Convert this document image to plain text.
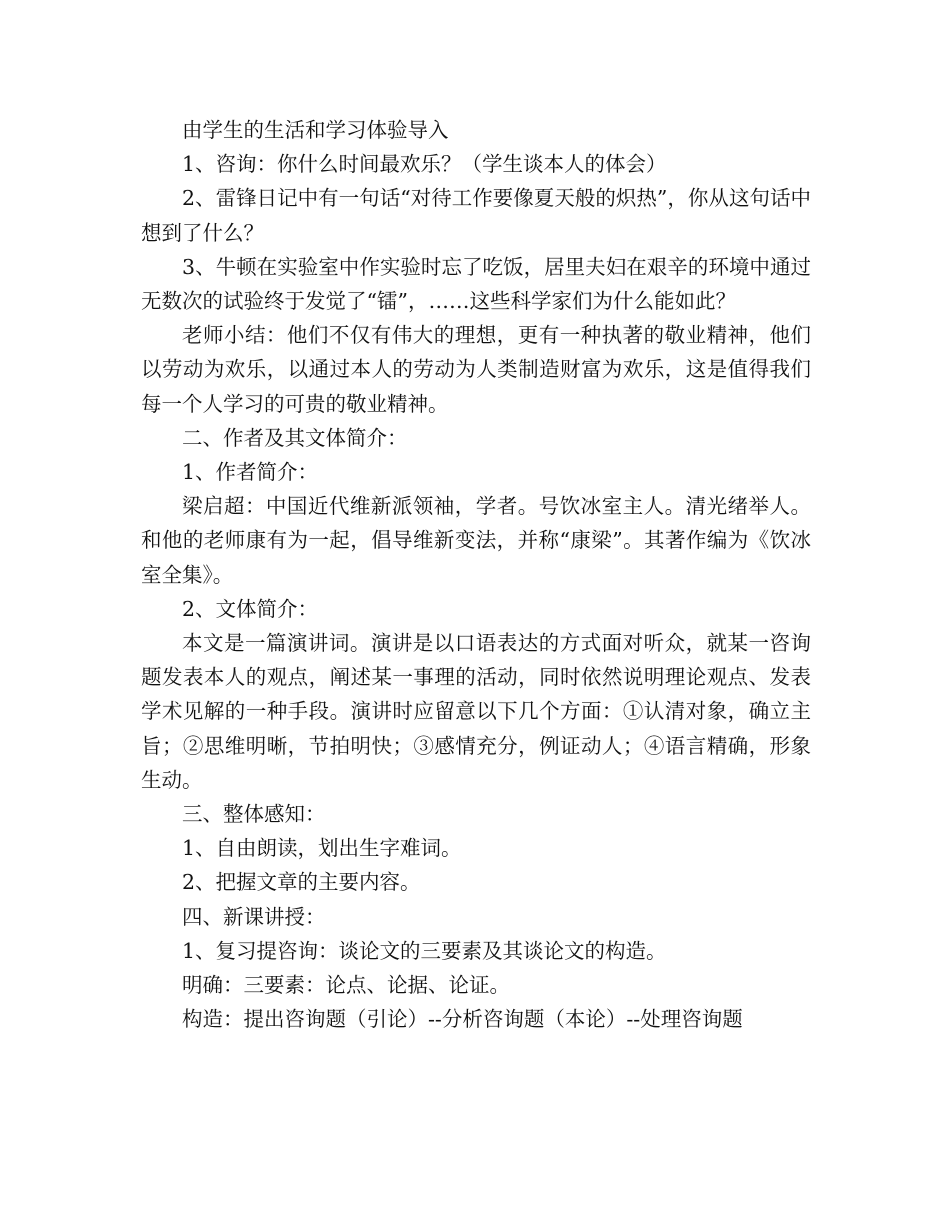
由学生的生活和学习体验导入

1、咨询：你什么时间最欢乐？（学生谈本人的体会）

2、雷锋日记中有一句话“对待工作要像夏天般的炽热”，你从这句话中想到了什么？

3、牛顿在实验室中作实验时忘了吃饭，居里夫妇在艰辛的环境中通过无数次的试验终于发觉了“镭”，……这些科学家们为什么能如此？

老师小结：他们不仅有伟大的理想，更有一种执著的敬业精神，他们以劳动为欢乐，以通过本人的劳动为人类制造财富为欢乐，这是值得我们每一个人学习的可贵的敬业精神。

二、作者及其文体简介：

1、作者简介：

梁启超：中国近代维新派领袖，学者。号饮冰室主人。清光绪举人。和他的老师康有为一起，倡导维新变法，并称“康梁”。其著作编为《饮冰室全集》。

2、文体简介：

本文是一篇演讲词。演讲是以口语表达的方式面对听众，就某一咨询题发表本人的观点，阐述某一事理的活动，同时依然说明理论观点、发表学术见解的一种手段。演讲时应留意以下几个方面：①认清对象，确立主旨；②思维明晰，节拍明快；③感情充分，例证动人；④语言精确，形象生动。

三、整体感知：

1、自由朗读，划出生字难词。

2、把握文章的主要内容。

四、新课讲授：

1、复习提咨询：谈论文的三要素及其谈论文的构造。

明确：三要素：论点、论据、论证。

构造：提出咨询题（引论）--分析咨询题（本论）--处理咨询题
